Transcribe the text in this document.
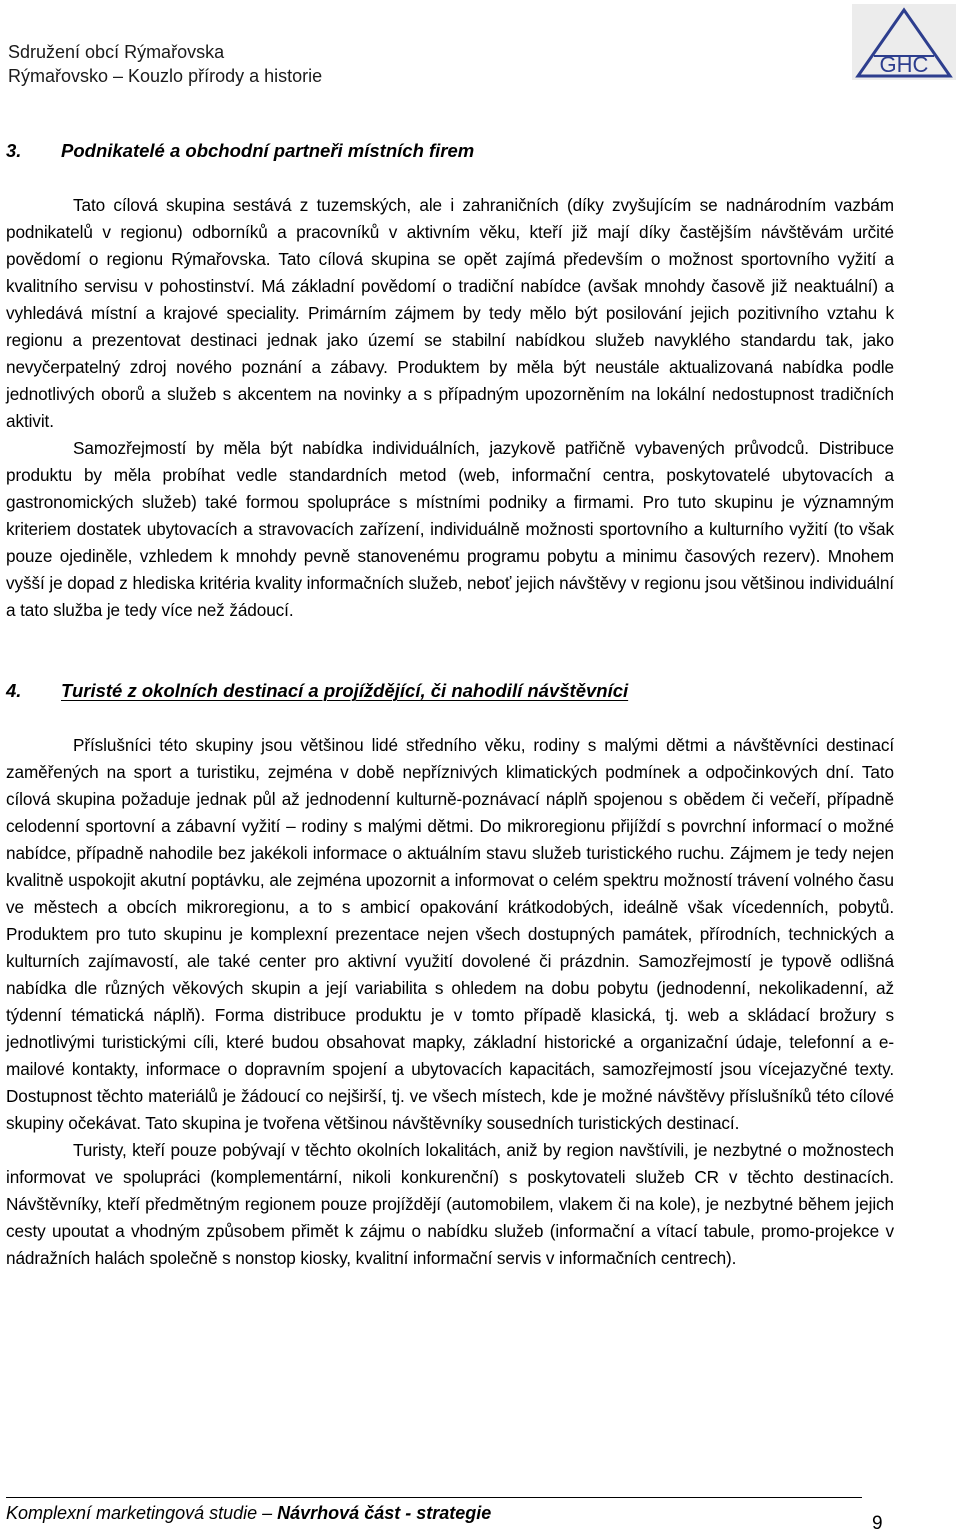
Sdružení obcí Rýmařovska
Rýmařovsko – Kouzlo přírody a historie	GHC
3. Podnikatelé a obchodní partneři místních firem

Tato cílová skupina sestává z tuzemských, ale i zahraničních (díky zvyšujícím se nadnárodním vazbám podnikatelů v regionu) odborníků a pracovníků v aktivním věku, kteří již mají díky častějším návštěvám určité povědomí o regionu Rýmařovska. Tato cílová skupina se opět zajímá především o možnost sportovního vyžití a kvalitního servisu v pohostinství. Má základní povědomí o tradiční nabídce (avšak mnohdy časově již neaktuální) a vyhledává místní a krajové speciality. Primárním zájmem by tedy mělo být posilování jejich pozitivního vztahu k regionu a prezentovat destinaci jednak jako území se stabilní nabídkou služeb navyklého standardu tak, jako nevyčerpatelný zdroj nového poznání a zábavy. Produktem by měla být neustále aktualizovaná nabídka podle jednotlivých oborů a služeb s akcentem na novinky a s případným upozorněním na lokální nedostupnost tradičních aktivit.

Samozřejmostí by měla být nabídka individuálních, jazykově patřičně vybavených průvodců. Distribuce produktu by měla probíhat vedle standardních metod (web, informační centra, poskytovatelé ubytovacích a gastronomických služeb) také formou spolupráce s místními podniky a firmami. Pro tuto skupinu je významným kriteriem dostatek ubytovacích a stravovacích zařízení, individuálně možnosti sportovního a kulturního vyžití (to však pouze ojediněle, vzhledem k mnohdy pevně stanovenému programu pobytu a minimu časových rezerv). Mnohem vyšší je dopad z hlediska kritéria kvality informačních služeb, neboť jejich návštěvy v regionu jsou většinou individuální a tato služba je tedy více než žádoucí.

4. Turisté z okolních destinací a projíždějící, či nahodilí návštěvníci

Příslušníci této skupiny jsou většinou lidé středního věku, rodiny s malými dětmi a návštěvníci destinací zaměřených na sport a turistiku, zejména v době nepříznivých klimatických podmínek a odpočinkových dní. Tato cílová skupina požaduje jednak půl až jednodenní kulturně-poznávací náplň spojenou s obědem či večeří, případně celodenní sportovní a zábavní vyžití – rodiny s malými dětmi. Do mikroregionu přijíždí s povrchní informací o možné nabídce, případně nahodile bez jakékoli informace o aktuálním stavu služeb turistického ruchu. Zájmem je tedy nejen kvalitně uspokojit akutní poptávku, ale zejména upozornit a informovat o celém spektru možností trávení volného času ve městech a obcích mikroregionu, a to s ambicí opakování krátkodobých, ideálně však vícedenních, pobytů. Produktem pro tuto skupinu je komplexní prezentace nejen všech dostupných památek, přírodních, technických a kulturních zajímavostí, ale také center pro aktivní využití dovolené či prázdnin. Samozřejmostí je typově odlišná nabídka dle různých věkových skupin a její variabilita s ohledem na dobu pobytu (jednodenní, nekolikadenní, až týdenní tématická náplň). Forma distribuce produktu je v tomto případě klasická, tj. web a skládací brožury s jednotlivými turistickými cíli, které budou obsahovat mapky, základní historické a organizační údaje, telefonní a e-mailové kontakty, informace o dopravním spojení a ubytovacích kapacitách, samozřejmostí jsou vícejazyčné texty. Dostupnost těchto materiálů je žádoucí co nejširší, tj. ve všech místech, kde je možné návštěvy příslušníků této cílové skupiny očekávat. Tato skupina je tvořena většinou návštěvníky sousedních turistických destinací.

Turisty, kteří pouze pobývají v těchto okolních lokalitách, aniž by region navštívili, je nezbytné o možnostech informovat ve spolupráci (komplementární, nikoli konkurenční) s poskytovateli služeb CR v těchto destinacích. Návštěvníky, kteří předmětným regionem pouze projíždějí (automobilem, vlakem či na kole), je nezbytné během jejich cesty upoutat a vhodným způsobem přimět k zájmu o nabídku služeb (informační a vítací tabule, promo-projekce v nádražních halách společně s nonstop kiosky, kvalitní informační servis v informačních centrech).

Komplexní marketingová studie – Návrhová část - strategie	9
